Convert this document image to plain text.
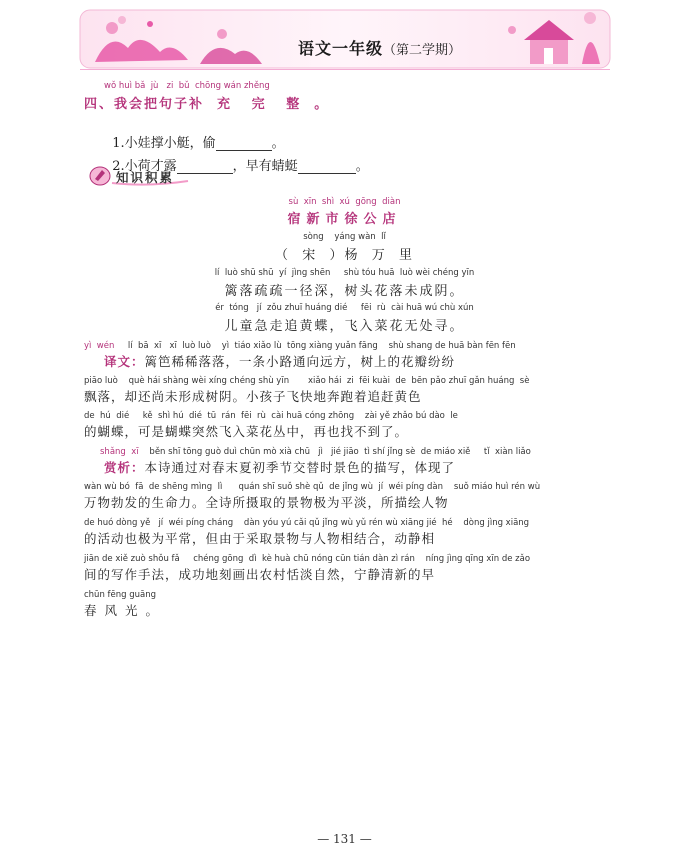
语文一年级（第二学期）
wǒ huì bǎ  jù   zi  bǔ  chōng wán zhěng
四、我会把句子补  充   完   整  。

1.小娃撑小艇，偷	。

2.小荷才露	，早有蜻蜓	。

知识积累
sù  xīn  shì  xú  gōng  diàn
宿新市徐公店
sòng    yáng wàn  lǐ
（  宋  ）杨  万  里
lí  luò shū shū  yí  jìng shēn     shù tóu huā  luò wèi chéng yīn
篱落疏疏一径深，树头花落未成阴。
ér  tóng   jí  zǒu zhuī huáng dié     fēi  rù  cài huā wú chù xún
儿童急走追黄蝶，飞入菜花无处寻。
yì  wén lí  bā  xī   xī  luò luò    yì  tiáo xiǎo lù  tōng xiàng yuǎn fāng    shù shang de huā bàn fēn fēn
译文：篱笆稀稀落落，一条小路通向远方，树上的花瓣纷纷
piāo luò    què hái shàng wèi xíng chéng shù yīn       xiǎo hái  zi  fēi kuài  de  bēn pǎo zhuī gǎn huáng  sè
飘落，却还尚未形成树阴。小孩子飞快地奔跑着追赶黄色
de  hú  dié     kě  shì hú  dié  tū  rán  fēi  rù  cài huā cóng zhōng    zài yě zhǎo bú dào  le
的蝴蝶，可是蝴蝶突然飞入菜花丛中，再也找不到了。
shǎng  xī běn shī tōng guò duì chūn mò xià chū   jì   jié jiāo  tì shí jǐng sè  de miáo xiě     tǐ  xiàn liǎo
赏析：本诗通过对春末夏初季节交替时景色的描写，体现了
wàn wù bó  fā  de shēng mìng  lì      quán shī suǒ shè qǔ  de jǐng wù  jí  wéi píng dàn    suǒ miáo huì rén wù
万物勃发的生命力。全诗所摄取的景物极为平淡，所描绘人物
de huó dòng yě   jí  wéi píng cháng    dàn yóu yú cǎi qǔ jǐng wù yǔ rén wù xiāng jié  hé    dòng jìng xiāng
的活动也极为平常，但由于采取景物与人物相结合，动静相
jiān de xiě zuò shǒu fǎ     chéng gōng  dì  kè huà chū nóng cūn tián dàn zì rán    níng jìng qīng xīn de zǎo
间的写作手法，成功地刻画出农村恬淡自然，宁静清新的早
chūn fēng guāng
春风光。
— 131 —
